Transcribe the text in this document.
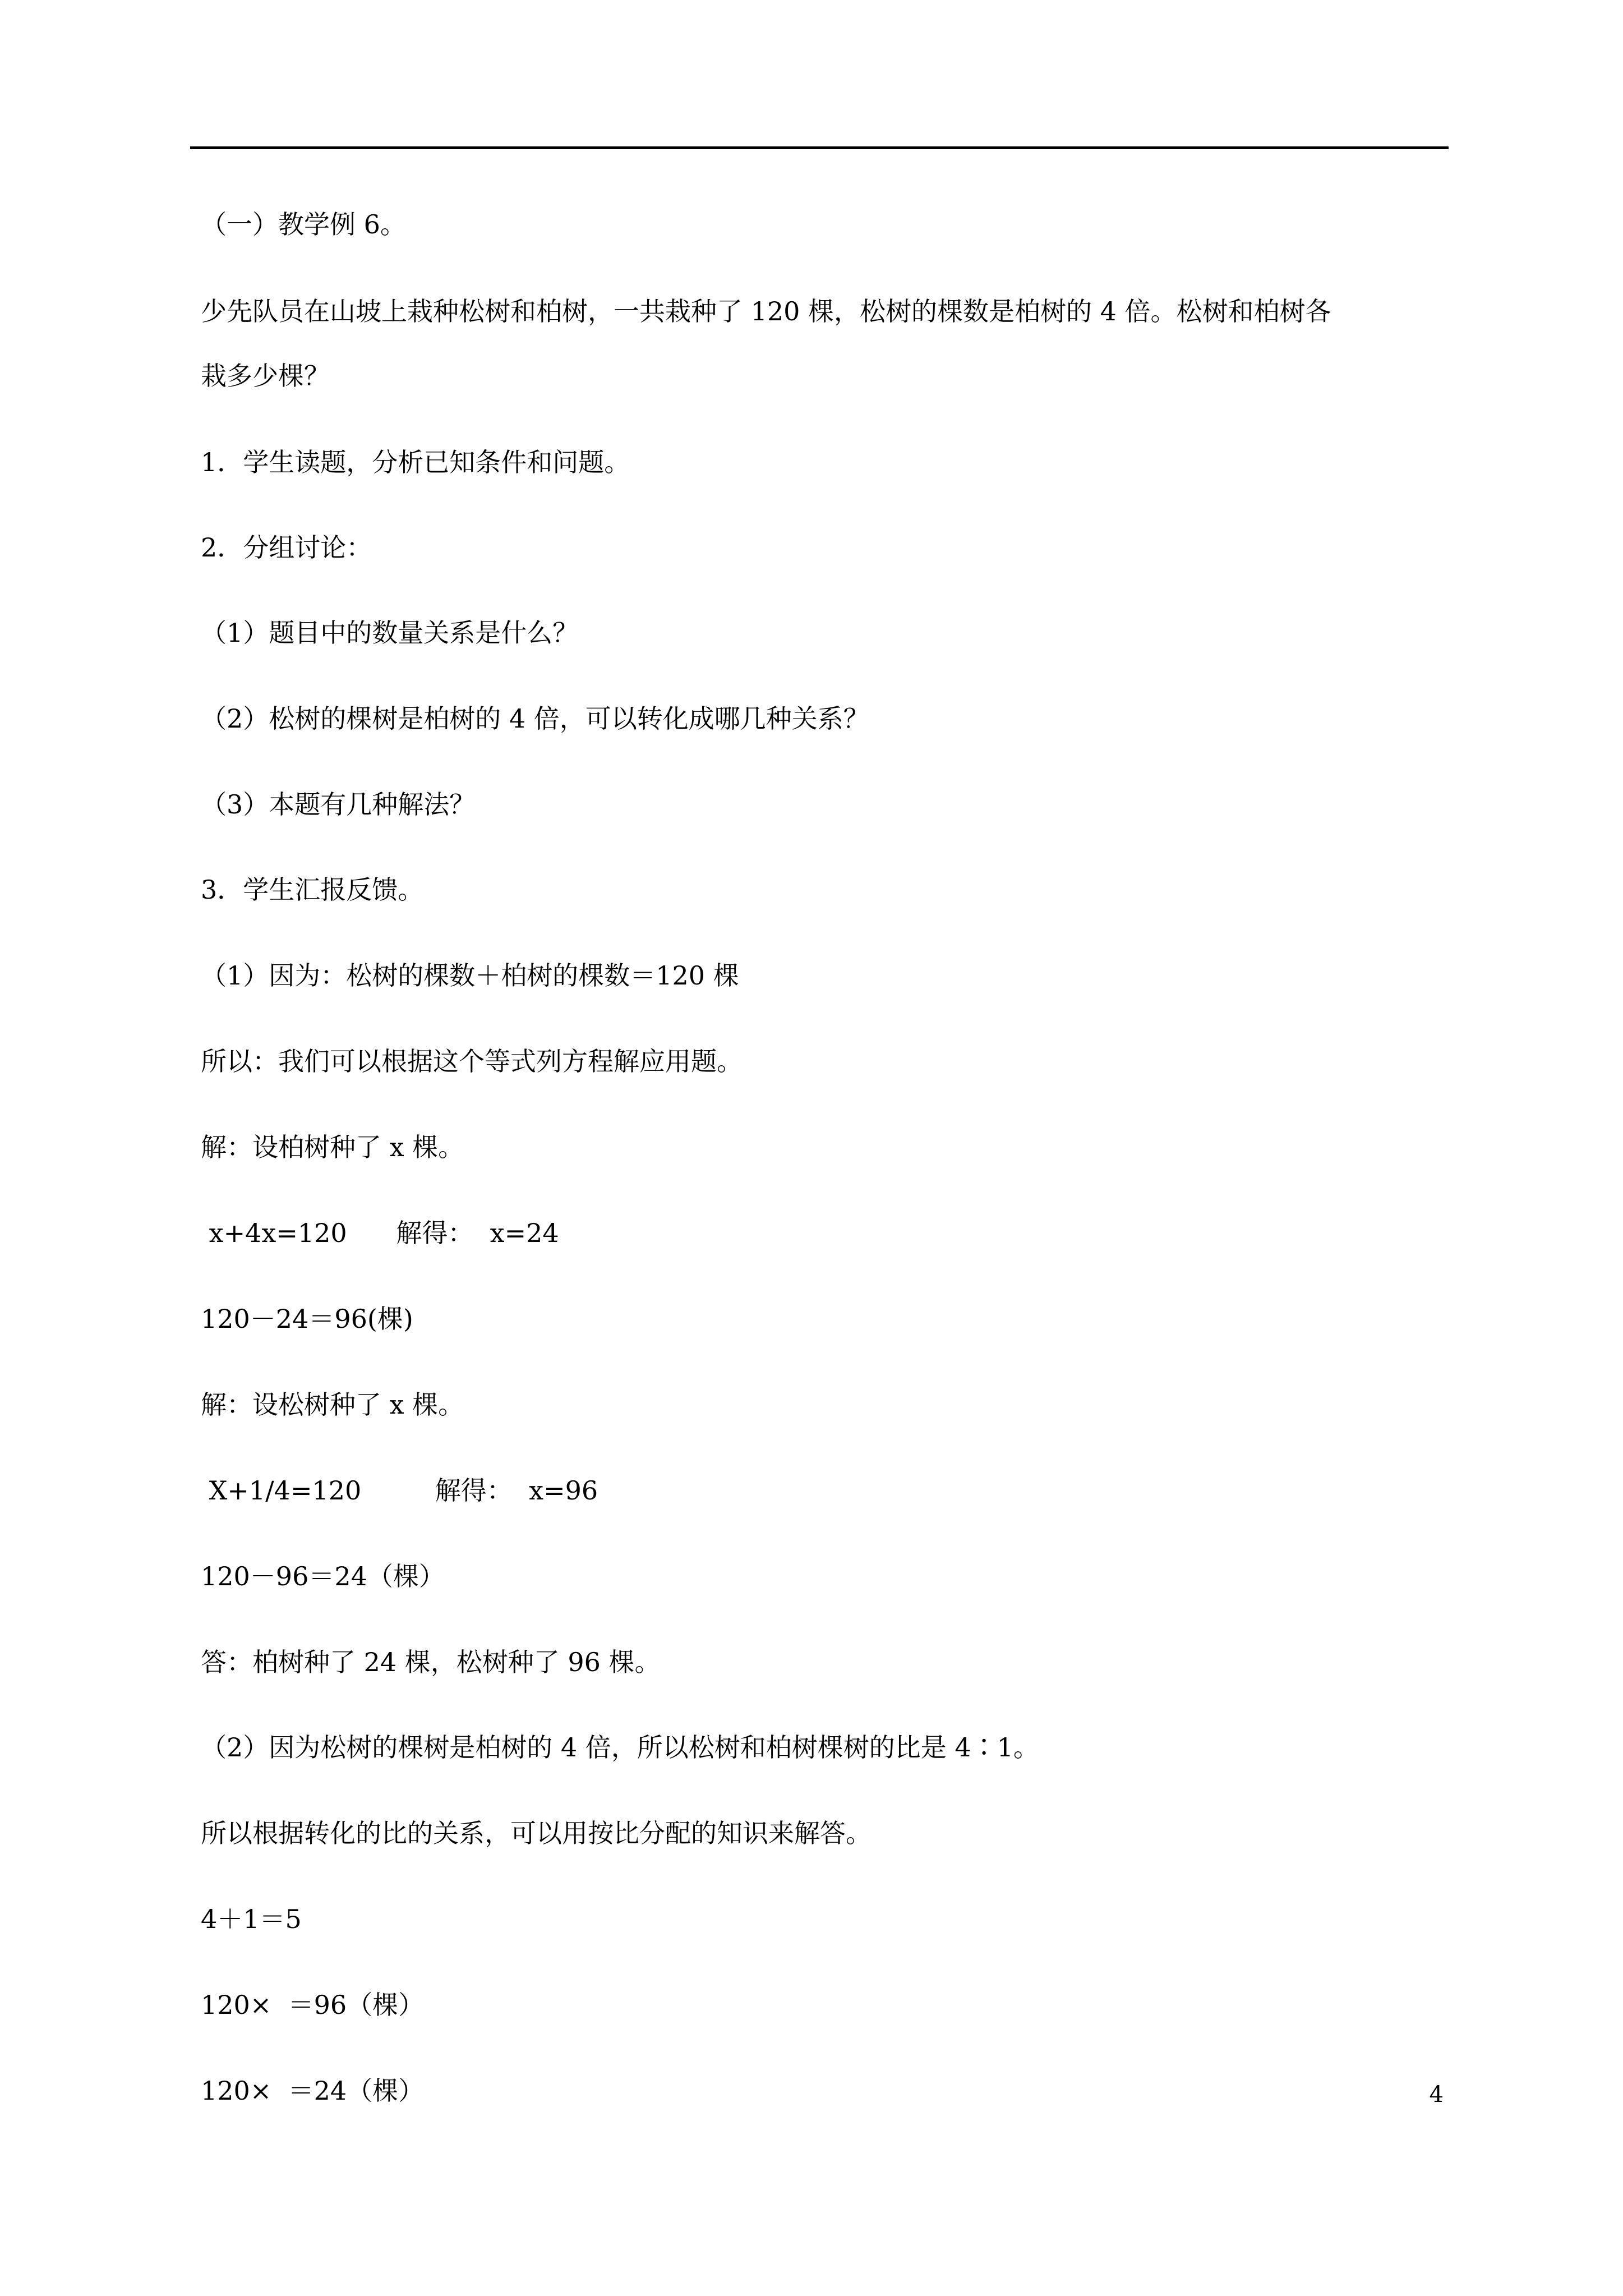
（一）教学例 6。
少先队员在山坡上栽种松树和柏树，一共栽种了 120 棵，松树的棵数是柏树的 4 倍。松树和柏树各
栽多少棵？
1．学生读题，分析已知条件和问题。
2．分组讨论：
（1）题目中的数量关系是什么？
（2）松树的棵树是柏树的 4 倍，可以转化成哪几种关系？
（3）本题有几种解法？
3．学生汇报反馈。
（1）因为：松树的棵数＋柏树的棵数＝120 棵
所以：我们可以根据这个等式列方程解应用题。
解：设柏树种了 x 棵。
x+4x=120      解得：  x=24
120－24＝96(棵)
解：设松树种了 x 棵。
X+1/4=120         解得：  x=96
120－96＝24（棵）
答：柏树种了 24 棵，松树种了 96 棵。
（2）因为松树的棵树是柏树的 4 倍，所以松树和柏树棵树的比是 4∶1。
所以根据转化的比的关系，可以用按比分配的知识来解答。
4＋1＝5
120×  ＝96（棵）
120×  ＝24（棵）	4
